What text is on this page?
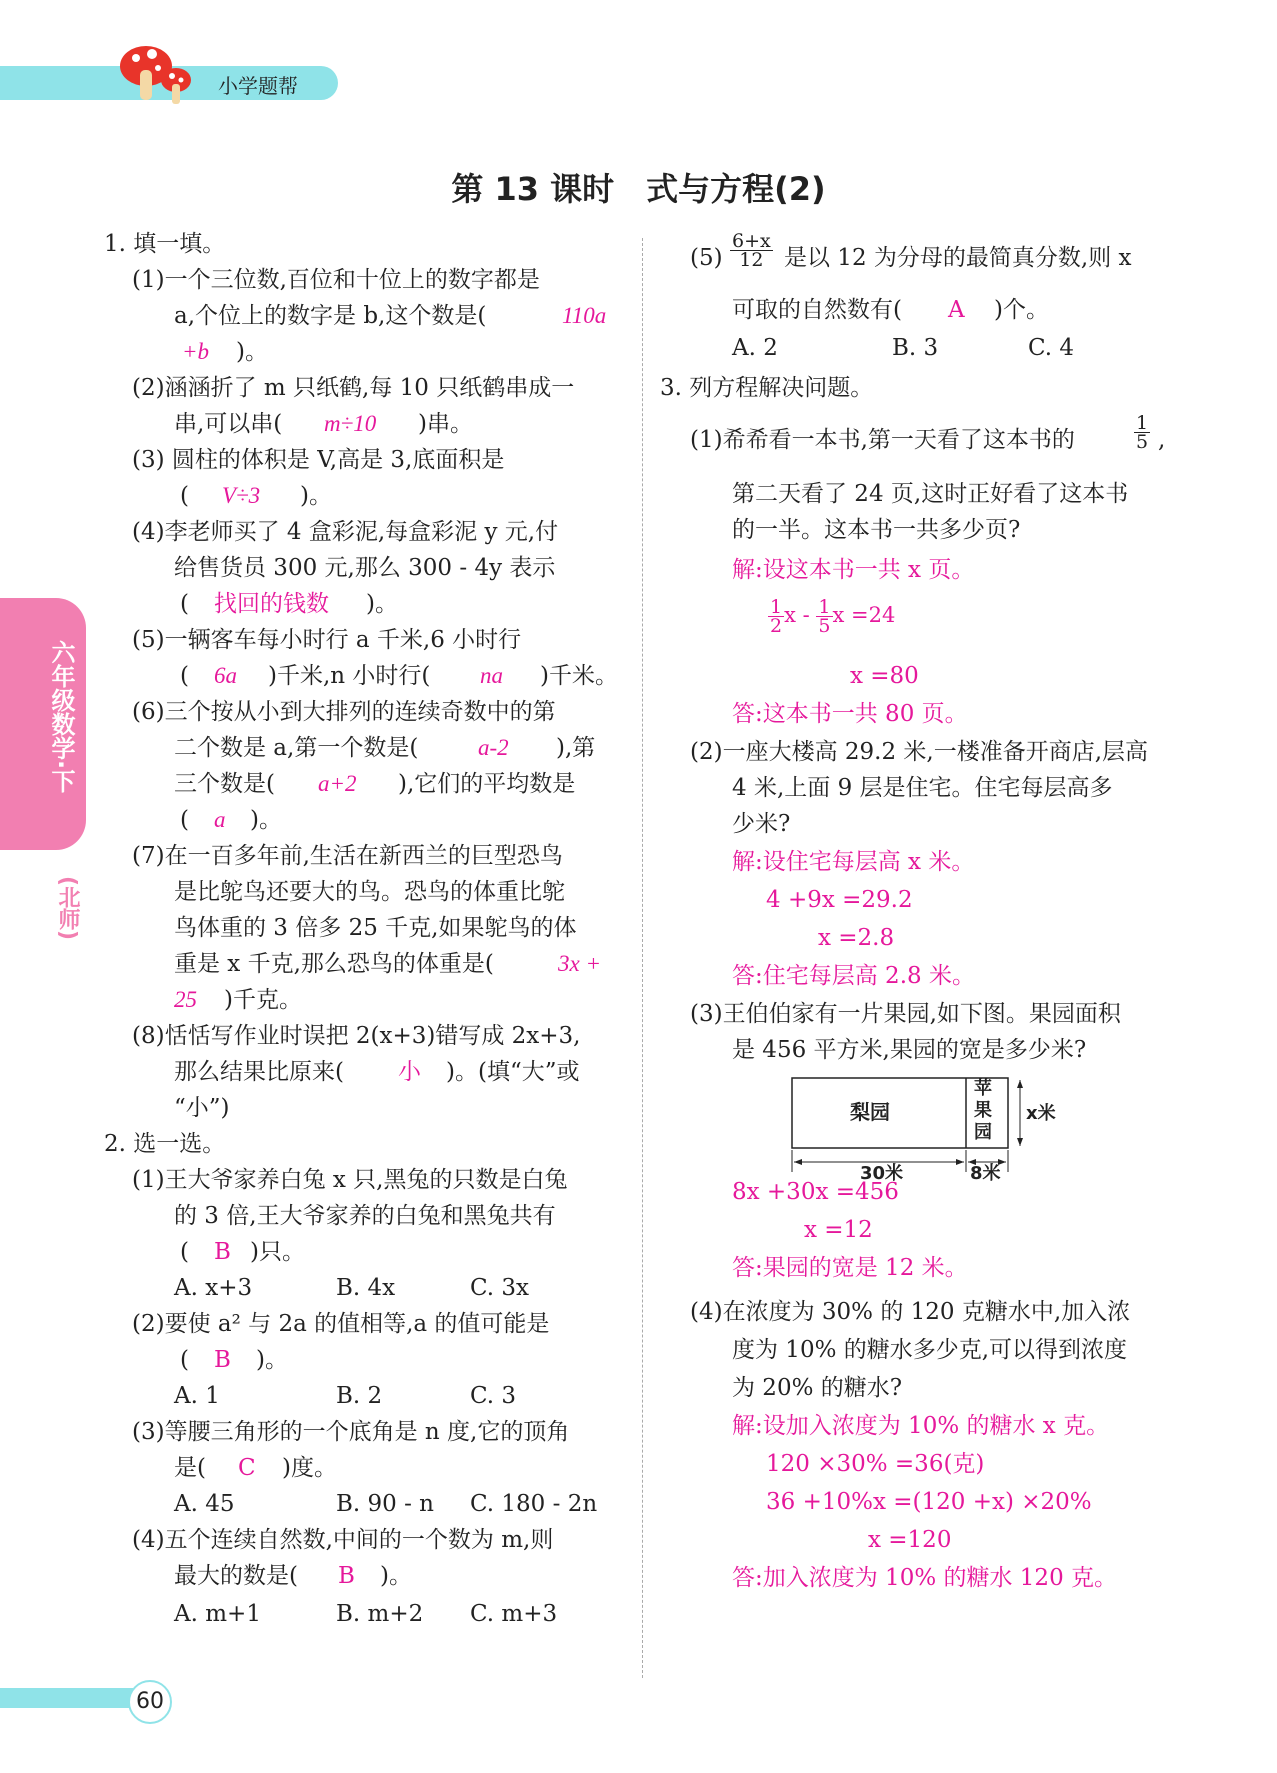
小学题帮
第 13 课时　式与方程(2)
六年级数学·下
(北师)
1. 填一填。
(1)一个三位数,百位和十位上的数字都是
a,个位上的数字是 b,这个数是(	110a
+b )。
(2)涵涵折了 m 只纸鹤,每 10 只纸鹤串成一
串,可以串( m÷10 )串。
(3) 圆柱的体积是 V,高是 3,底面积是
( V÷3 )。
(4)李老师买了 4 盒彩泥,每盒彩泥 y 元,付
给售货员 300 元,那么 300 - 4y 表示
( 找回的钱数 )。
(5)一辆客车每小时行 a 千米,6 小时行
( 6a )千米,n 小时行( na )千米。
(6)三个按从小到大排列的连续奇数中的第
二个数是 a,第一个数是(	a-2 ),第
三个数是( a+2 ),它们的平均数是
( a )。
(7)在一百多年前,生活在新西兰的巨型恐鸟
是比鸵鸟还要大的鸟。恐鸟的体重比鸵
鸟体重的 3 倍多 25 千克,如果鸵鸟的体
重是 x 千克,那么恐鸟的体重是(	3x +
25 )千克。
(8)恬恬写作业时误把 2(x+3)错写成 2x+3,
那么结果比原来( 小 )。(填“大”或
“小”)
2. 选一选。
(1)王大爷家养白兔 x 只,黑兔的只数是白兔
的 3 倍,王大爷家养的白兔和黑兔共有
( B )只。
A. x+3	B. 4x	C. 3x
(2)要使 a² 与 2a 的值相等,a 的值可能是
( B )。
A. 1	B. 2	C. 3
(3)等腰三角形的一个底角是 n 度,它的顶角
是( C )度。
A. 45	B. 90 - n C. 180 - 2n
(4)五个连续自然数,中间的一个数为 m,则
最大的数是( B )。
A. m+1	B. m+2 C. m+3
$(5) \frac{6+x}{12}$ 是以 12 为分母的最简真分数,则 x
可取的自然数有( A )个。
A. 2	B. 3	C. 4
3. 列方程解决问题。
(1)希希看一本书,第一天看了这本书的	$\frac{1}{5}$ ,
第二天看了 24 页,这时正好看了这本书
的一半。这本书一共多少页?
解:设这本书一共 x 页。
$\frac{1}{2}$ x - $\frac{1}{5}$ x =24
x =80
答:这本书一共 80 页。
(2)一座大楼高 29.2 米,一楼准备开商店,层高
4 米,上面 9 层是住宅。住宅每层高多
少米?
解:设住宅每层高 x 米。
4 +9x =29.2
x =2.8
答:住宅每层高 2.8 米。
(3)王伯伯家有一片果园,如下图。果园面积
是 456 平方米,果园的宽是多少米?
梨园
苹果园
x米
30米	8米
8x +30x =456
x =12
答:果园的宽是 12 米。
(4)在浓度为 30% 的 120 克糖水中,加入浓
度为 10% 的糖水多少克,可以得到浓度
为 20% 的糖水?
解:设加入浓度为 10% 的糖水 x 克。
120 ×30% =36(克)
36 +10%x =(120 +x) ×20%
x =120
答:加入浓度为 10% 的糖水 120 克。
60
